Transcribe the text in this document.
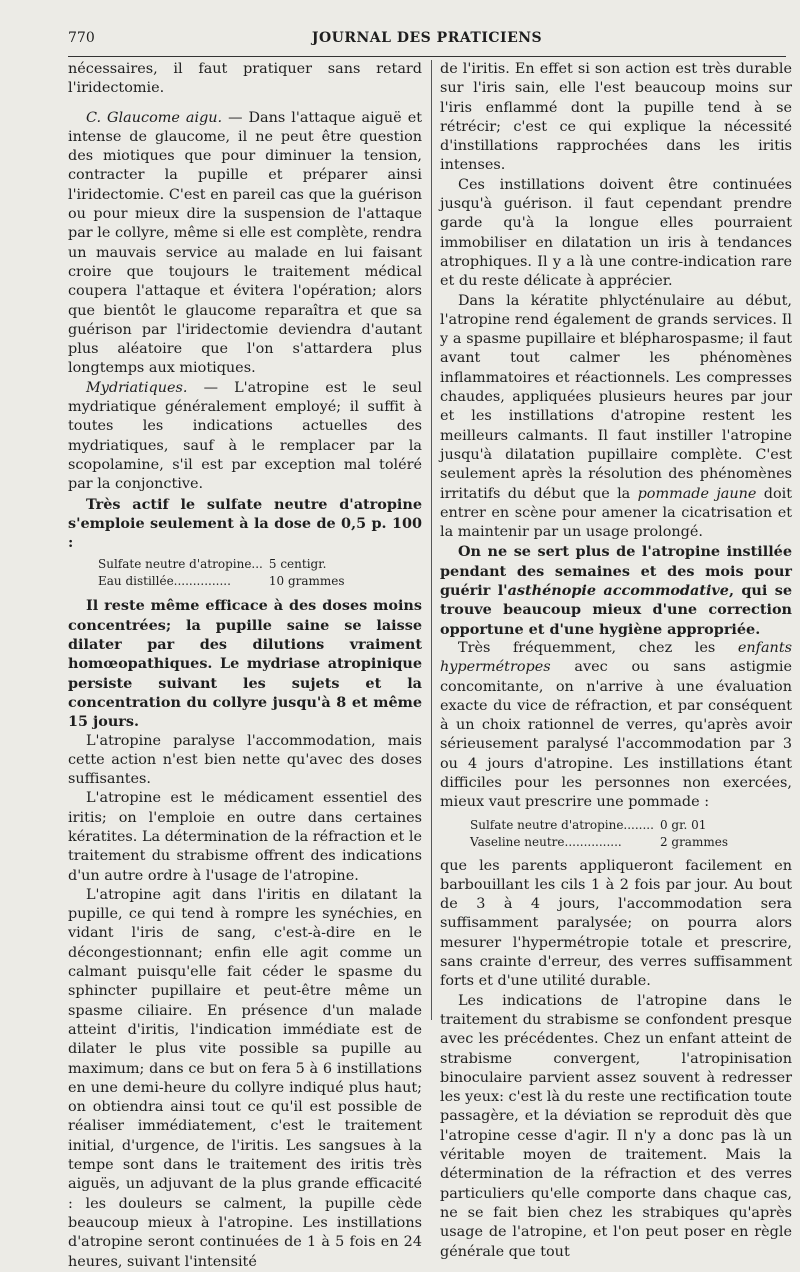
770	JOURNAL DES PRATICIENS

nécessaires, il faut pratiquer sans retard l'iridectomie.

C. Glaucome aigu. — Dans l'attaque aiguë et intense de glaucome, il ne peut être question des miotiques que pour diminuer la tension, contracter la pupille et préparer ainsi l'iridectomie. C'est en pareil cas que la guérison ou pour mieux dire la suspension de l'attaque par le collyre, même si elle est complète, rendra un mauvais service au malade en lui faisant croire que toujours le traitement médical coupera l'attaque et évitera l'opération; alors que bientôt le glaucome reparaîtra et que sa guérison par l'iridectomie deviendra d'autant plus aléatoire que l'on s'attardera plus longtemps aux miotiques.

Mydriatiques. — L'atropine est le seul mydriatique généralement employé; il suffit à toutes les indications actuelles des mydriatiques, sauf à le remplacer par la scopolamine, s'il est par exception mal toléré par la conjonctive.

Très actif le sulfate neutre d'atropine s'emploie seulement à la dose de 0,5 p. 100 :

Sulfate neutre d'atropine...	5 centigr.
Eau distillée...............	10 grammes

Il reste même efficace à des doses moins concentrées; la pupille saine se laisse dilater par des dilutions vraiment homœopathiques. Le mydriase atropinique persiste suivant les sujets et la concentration du collyre jusqu'à 8 et même 15 jours.

L'atropine paralyse l'accommodation, mais cette action n'est bien nette qu'avec des doses suffisantes.

L'atropine est le médicament essentiel des iritis; on l'emploie en outre dans certaines kératites. La détermination de la réfraction et le traitement du strabisme offrent des indications d'un autre ordre à l'usage de l'atropine.

L'atropine agit dans l'iritis en dilatant la pupille, ce qui tend à rompre les synéchies, en vidant l'iris de sang, c'est-à-dire en le décongestionnant; enfin elle agit comme un calmant puisqu'elle fait céder le spasme du sphincter pupillaire et peut-être même un spasme ciliaire. En présence d'un malade atteint d'iritis, l'indication immédiate est de dilater le plus vite possible sa pupille au maximum; dans ce but on fera 5 à 6 instillations en une demi-heure du collyre indiqué plus haut; on obtiendra ainsi tout ce qu'il est possible de réaliser immédiatement, c'est le traitement initial, d'urgence, de l'iritis. Les sangsues à la tempe sont dans le traitement des iritis très aiguës, un adjuvant de la plus grande efficacité : les douleurs se calment, la pupille cède beaucoup mieux à l'atropine. Les instillations d'atropine seront continuées de 1 à 5 fois en 24 heures, suivant l'intensité

de l'iritis. En effet si son action est très durable sur l'iris sain, elle l'est beaucoup moins sur l'iris enflammé dont la pupille tend à se rétrécir; c'est ce qui explique la nécessité d'instillations rapprochées dans les iritis intenses.

Ces instillations doivent être continuées jusqu'à guérison. il faut cependant prendre garde qu'à la longue elles pourraient immobiliser en dilatation un iris à tendances atrophiques. Il y a là une contre-indication rare et du reste délicate à apprécier.

Dans la kératite phlycténulaire au début, l'atropine rend également de grands services. Il y a spasme pupillaire et blépharospasme; il faut avant tout calmer les phénomènes inflammatoires et réactionnels. Les compresses chaudes, appliquées plusieurs heures par jour et les instillations d'atropine restent les meilleurs calmants. Il faut instiller l'atropine jusqu'à dilatation pupillaire complète. C'est seulement après la résolution des phénomènes irritatifs du début que la pommade jaune doit entrer en scène pour amener la cicatrisation et la maintenir par un usage prolongé.

On ne se sert plus de l'atropine instillée pendant des semaines et des mois pour guérir l'asthénopie accommodative, qui se trouve beaucoup mieux d'une correction opportune et d'une hygiène appropriée.

Très fréquemment, chez les enfants hypermétropes avec ou sans astigmie concomitante, on n'arrive à une évaluation exacte du vice de réfraction, et par conséquent à un choix rationnel de verres, qu'après avoir sérieusement paralysé l'accommodation par 3 ou 4 jours d'atropine. Les instillations étant difficiles pour les personnes non exercées, mieux vaut prescrire une pommade :

Sulfate neutre d'atropine........	0 gr. 01
Vaseline neutre...............	2 grammes

que les parents appliqueront facilement en barbouillant les cils 1 à 2 fois par jour. Au bout de 3 à 4 jours, l'accommodation sera suffisamment paralysée; on pourra alors mesurer l'hypermétropie totale et prescrire, sans crainte d'erreur, des verres suffisamment forts et d'une utilité durable.

Les indications de l'atropine dans le traitement du strabisme se confondent presque avec les précédentes. Chez un enfant atteint de strabisme convergent, l'atropinisation binoculaire parvient assez souvent à redresser les yeux: c'est là du reste une rectification toute passagère, et la déviation se reproduit dès que l'atropine cesse d'agir. Il n'y a donc pas là un véritable moyen de traitement. Mais la détermination de la réfraction et des verres particuliers qu'elle comporte dans chaque cas, ne se fait bien chez les strabiques qu'après usage de l'atropine, et l'on peut poser en règle générale que tout
